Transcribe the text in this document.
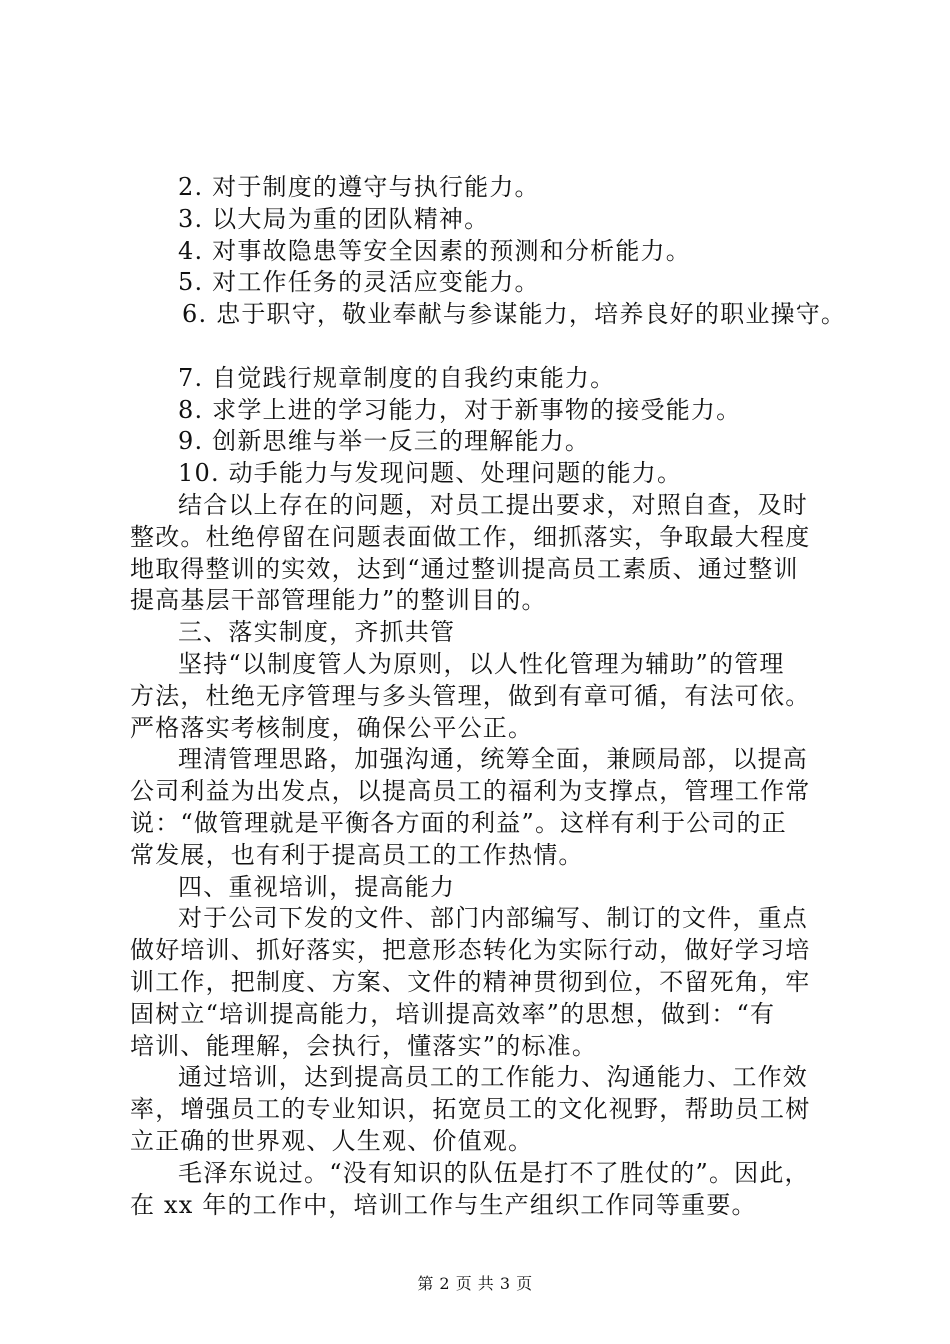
2. 对于制度的遵守与执行能力。
3. 以大局为重的团队精神。
4. 对事故隐患等安全因素的预测和分析能力。
5. 对工作任务的灵活应变能力。
6. 忠于职守，敬业奉献与参谋能力，培养良好的职业操守。
7. 自觉践行规章制度的自我约束能力。
8. 求学上进的学习能力，对于新事物的接受能力。
9. 创新思维与举一反三的理解能力。
10. 动手能力与发现问题、处理问题的能力。
结合以上存在的问题，对员工提出要求，对照自查，及时
整改。杜绝停留在问题表面做工作，细抓落实，争取最大程度
地取得整训的实效，达到“通过整训提高员工素质、通过整训
提高基层干部管理能力”的整训目的。
三、落实制度，齐抓共管
坚持“以制度管人为原则，以人性化管理为辅助”的管理
方法，杜绝无序管理与多头管理，做到有章可循，有法可依。
严格落实考核制度，确保公平公正。
理清管理思路，加强沟通，统筹全面，兼顾局部，以提高
公司利益为出发点，以提高员工的福利为支撑点，管理工作常
说：“做管理就是平衡各方面的利益”。这样有利于公司的正
常发展，也有利于提高员工的工作热情。
四、重视培训，提高能力
对于公司下发的文件、部门内部编写、制订的文件，重点
做好培训、抓好落实，把意形态转化为实际行动，做好学习培
训工作，把制度、方案、文件的精神贯彻到位，不留死角，牢
固树立“培训提高能力，培训提高效率”的思想，做到：“有
培训、能理解，会执行，懂落实”的标准。
通过培训，达到提高员工的工作能力、沟通能力、工作效
率，增强员工的专业知识，拓宽员工的文化视野，帮助员工树
立正确的世界观、人生观、价值观。
毛泽东说过。“没有知识的队伍是打不了胜仗的”。因此，
在 xx 年的工作中，培训工作与生产组织工作同等重要。
第 2 页 共 3 页
